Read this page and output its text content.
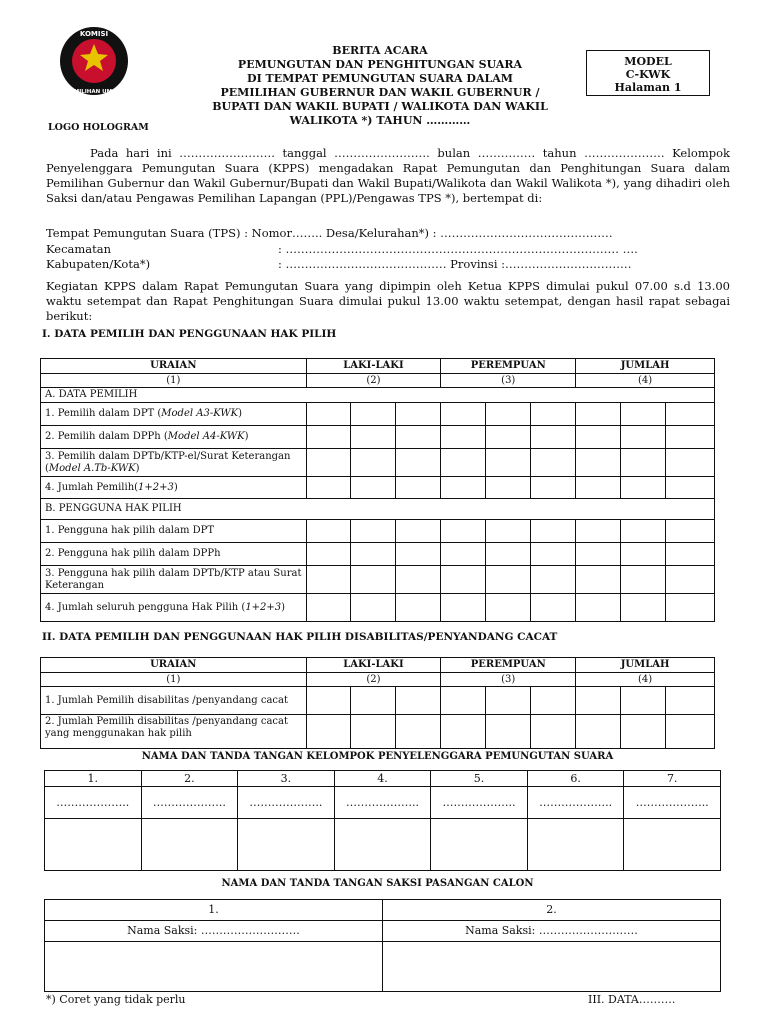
KOMISI
PEMILIHAN UMUM
BERITA ACARA
PEMUNGUTAN DAN PENGHITUNGAN SUARA
DI TEMPAT PEMUNGUTAN SUARA DALAM
PEMILIHAN GUBERNUR DAN WAKIL GUBERNUR /
BUPATI DAN WAKIL BUPATI / WALIKOTA DAN WAKIL
WALIKOTA *) TAHUN …………
MODEL
C-KWK
Halaman 1
LOGO HOLOGRAM
Pada hari ini ……………………. tanggal ……………………. bulan …………… tahun ………………… Kelompok Penyelenggara Pemungutan Suara (KPPS) mengadakan Rapat Pemungutan dan Penghitungan Suara dalam Pemilihan Gubernur dan Wakil Gubernur/Bupati dan Wakil Bupati/Walikota dan Wakil Walikota *), yang dihadiri oleh Saksi dan/atau Pengawas Pemilihan Lapangan (PPL)/Pengawas TPS *), bertempat di:
Tempat Pemungutan Suara (TPS) : Nomor…….. Desa/Kelurahan*) : ………………………………………
Kecamatan	: …………………………………………………………………………… ….
Kabupaten/Kota*)	: …………………………………… Provinsi :……………………………
Kegiatan KPPS dalam Rapat Pemungutan Suara yang dipimpin oleh Ketua KPPS dimulai pukul 07.00 s.d 13.00 waktu setempat dan Rapat Penghitungan Suara dimulai pukul 13.00 waktu setempat, dengan hasil rapat sebagai berikut:
I. DATA PEMILIH DAN PENGGUNAAN HAK PILIH
URAIAN	LAKI-LAKI			PEREMPUAN			JUMLAH		
(1)	(2)			(3)			(4)		
A. DATA PEMILIH									
1. Pemilih dalam DPT (Model A3-KWK)									
2. Pemilih dalam DPPh (Model A4-KWK)									
3. Pemilih dalam DPTb/KTP-el/Surat Keterangan (Model A.Tb-KWK)									
4. Jumlah Pemilih(1+2+3)									
B. PENGGUNA HAK PILIH									
1. Pengguna hak pilih dalam DPT									
2. Pengguna hak pilih dalam DPPh									
3. Pengguna hak pilih dalam DPTb/KTP atau Surat Keterangan									
4. Jumlah seluruh pengguna Hak Pilih (1+2+3)									
II. DATA PEMILIH DAN PENGGUNAAN HAK PILIH DISABILITAS/PENYANDANG CACAT
URAIAN	LAKI-LAKI			PEREMPUAN			JUMLAH		
(1)	(2)			(3)			(4)		
1. Jumlah Pemilih disabilitas /penyandang cacat									
2. Jumlah Pemilih disabilitas /penyandang cacat yang menggunakan hak pilih									
NAMA DAN TANDA TANGAN KELOMPOK PENYELENGGARA PEMUNGUTAN SUARA
1.	2.	3.	4.	5.	6.	7.
………………..	………………..	………………..	………………..	………………..	………………..	………………..

NAMA DAN TANDA TANGAN SAKSI PASANGAN CALON
1.	2.
Nama Saksi: ………………………	Nama Saksi: ………………………

*) Coret yang tidak perlu	III. DATA……….
